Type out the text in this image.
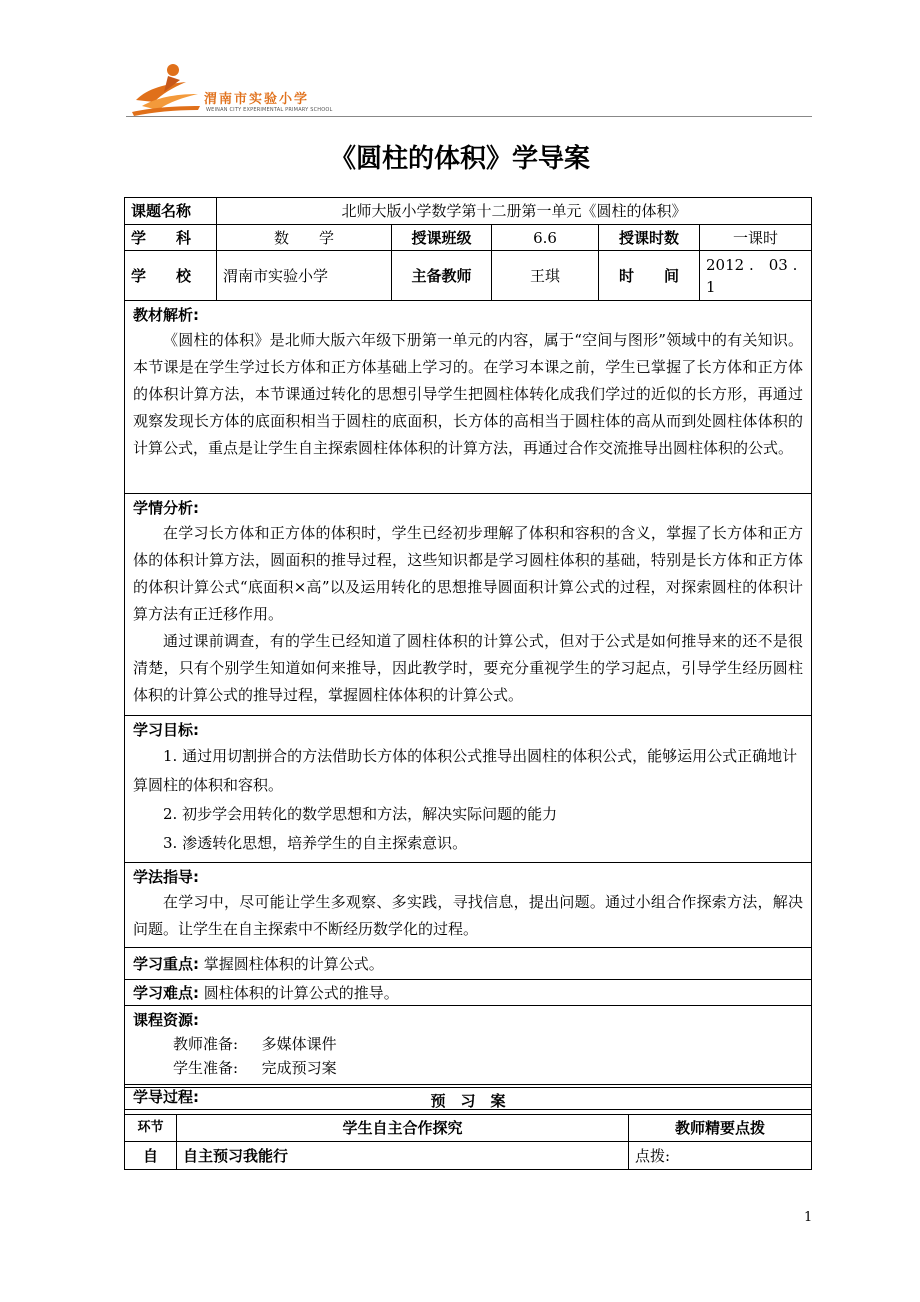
渭南市实验小学
WEINAN CITY EXPERIMENTAL PRIMARY SCHOOL
《圆柱的体积》学导案
课题名称	北师大版小学数学第十二册第一单元《圆柱的体积》				
学　　科	数　　学	授课班级	6.6	授课时数	一课时
学　　校	渭南市实验小学	主备教师	王琪	时　　间	2012 .　03 . 1

教材解析:

《圆柱的体积》是北师大版六年级下册第一单元的内容，属于“空间与图形”领域中的有关知识。本节课是在学生学过长方体和正方体基础上学习的。在学习本课之前，学生已掌握了长方体和正方体的体积计算方法，本节课通过转化的思想引导学生把圆柱体转化成我们学过的近似的长方形，再通过观察发现长方体的底面积相当于圆柱的底面积，长方体的高相当于圆柱体的高从而到处圆柱体体积的计算公式，重点是让学生自主探索圆柱体体积的计算方法，再通过合作交流推导出圆柱体积的公式。					

学情分析:

在学习长方体和正方体的体积时，学生已经初步理解了体积和容积的含义，掌握了长方体和正方体的体积计算方法，圆面积的推导过程，这些知识都是学习圆柱体积的基础，特别是长方体和正方体的体积计算公式“底面积×高”以及运用转化的思想推导圆面积计算公式的过程，对探索圆柱的体积计算方法有正迁移作用。

通过课前调查，有的学生已经知道了圆柱体积的计算公式，但对于公式是如何推导来的还不是很清楚，只有个别学生知道如何来推导，因此教学时，要充分重视学生的学习起点，引导学生经历圆柱体积的计算公式的推导过程，掌握圆柱体体积的计算公式。					

学习目标:

1. 通过用切割拼合的方法借助长方体的体积公式推导出圆柱的体积公式，能够运用公式正确地计算圆柱的体积和容积。

2. 初步学会用转化的数学思想和方法，解决实际问题的能力

3. 渗透转化思想，培养学生的自主探索意识。					

学法指导:

在学习中，尽可能让学生多观察、多实践，寻找信息，提出问题。通过小组合作探索方法，解决问题。让学生在自主探索中不断经历数学化的过程。					

学习重点: 掌握圆柱体积的计算公式。					
学习难点: 圆柱体积的计算公式的推导。					

课程资源:
教师准备: 多媒体课件
学生准备: 完成预习案					

学导过程:						预　习　案		
环节	学生自主合作探究	教师精要点拨
自	自主预习我能行	点拨:
1
